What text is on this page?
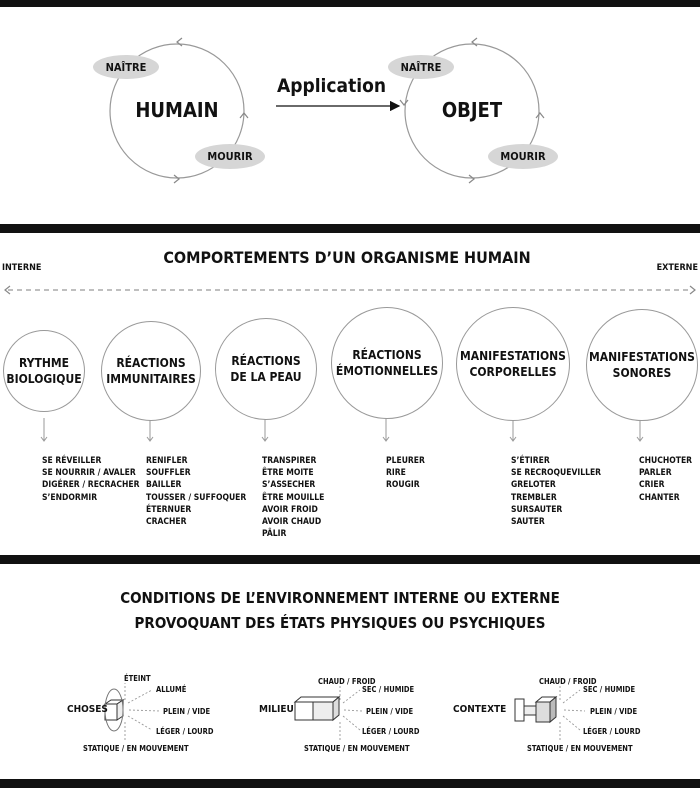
NAÎTRE
MOURIR
HUMAIN
Application
NAÎTRE
MOURIR
OBJET
COMPORTEMENTS D’UN ORGANISME HUMAIN
INTERNE	EXTERNE
RYTHME
BIOLOGIQUE
RÉACTIONS
IMMUNITAIRES
RÉACTIONS
DE LA PEAU
RÉACTIONS
ÉMOTIONNELLES
MANIFESTATIONS
CORPORELLES
MANIFESTATIONS
SONORES
SE RÉVEILLER
SE NOURRIR / AVALER
DIGÉRER / RECRACHER
S’ENDORMIR
RENIFLER
SOUFFLER
BAILLER
TOUSSER / SUFFOQUER
ÉTERNUER
CRACHER
TRANSPIRER
ÊTRE MOITE
S’ASSECHER
ÊTRE MOUILLE
AVOIR FROID
AVOIR CHAUD
PÂLIR
PLEURER
RIRE
ROUGIR
S’ÉTIRER
SE RECROQUEVILLER
GRELOTER
TREMBLER
SURSAUTER
SAUTER
CHUCHOTER
PARLER
CRIER
CHANTER
CONDITIONS DE L’ENVIRONNEMENT INTERNE OU EXTERNE
PROVOQUANT DES ÉTATS PHYSIQUES OU PSYCHIQUES
CHOSES
ÉTEINT
ALLUMÉ
PLEIN / VIDE
LÉGER / LOURD
STATIQUE / EN MOUVEMENT
MILIEU
CHAUD / FROID
SEC / HUMIDE
PLEIN / VIDE
LÉGER / LOURD
STATIQUE / EN MOUVEMENT
CONTEXTE
CHAUD / FROID
SEC / HUMIDE
PLEIN / VIDE
LÉGER / LOURD
STATIQUE / EN MOUVEMENT
